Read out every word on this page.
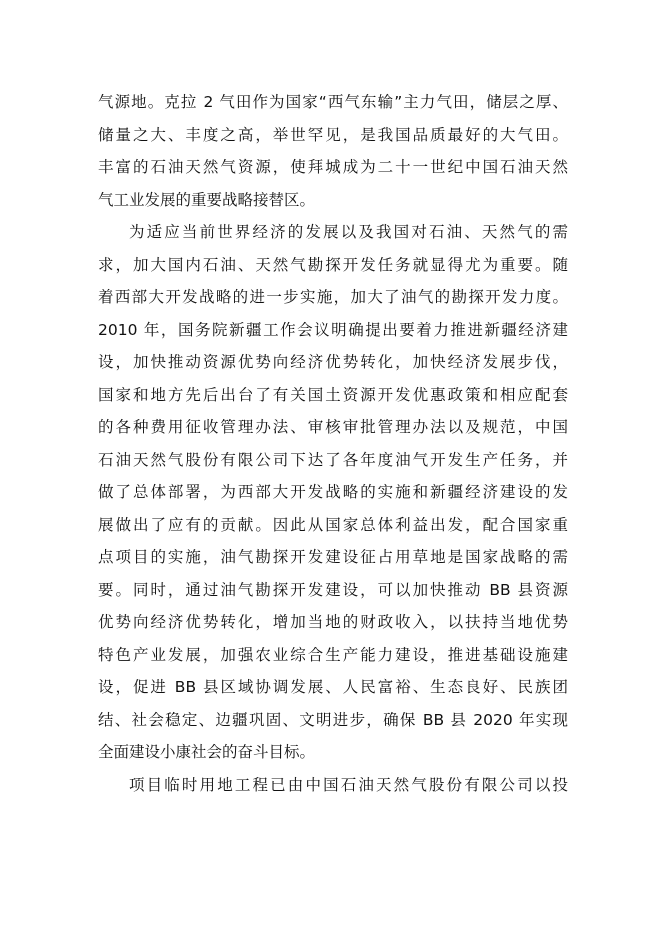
气源地。克拉 2 气田作为国家“西气东输”主力气田，储层之厚、
储量之大、丰度之高，举世罕见，是我国品质最好的大气田。
丰富的石油天然气资源，使拜城成为二十一世纪中国石油天然
气工业发展的重要战略接替区。
为适应当前世界经济的发展以及我国对石油、天然气的需
求，加大国内石油、天然气勘探开发任务就显得尤为重要。随
着西部大开发战略的进一步实施，加大了油气的勘探开发力度。
2010 年，国务院新疆工作会议明确提出要着力推进新疆经济建
设，加快推动资源优势向经济优势转化，加快经济发展步伐，
国家和地方先后出台了有关国土资源开发优惠政策和相应配套
的各种费用征收管理办法、审核审批管理办法以及规范，中国
石油天然气股份有限公司下达了各年度油气开发生产任务，并
做了总体部署，为西部大开发战略的实施和新疆经济建设的发
展做出了应有的贡献。因此从国家总体利益出发，配合国家重
点项目的实施，油气勘探开发建设征占用草地是国家战略的需
要。同时，通过油气勘探开发建设，可以加快推动 BB 县资源
优势向经济优势转化，增加当地的财政收入，以扶持当地优势
特色产业发展，加强农业综合生产能力建设，推进基础设施建
设，促进 BB 县区域协调发展、人民富裕、生态良好、民族团
结、社会稳定、边疆巩固、文明进步，确保 BB 县 2020 年实现
全面建设小康社会的奋斗目标。
项目临时用地工程已由中国石油天然气股份有限公司以投
